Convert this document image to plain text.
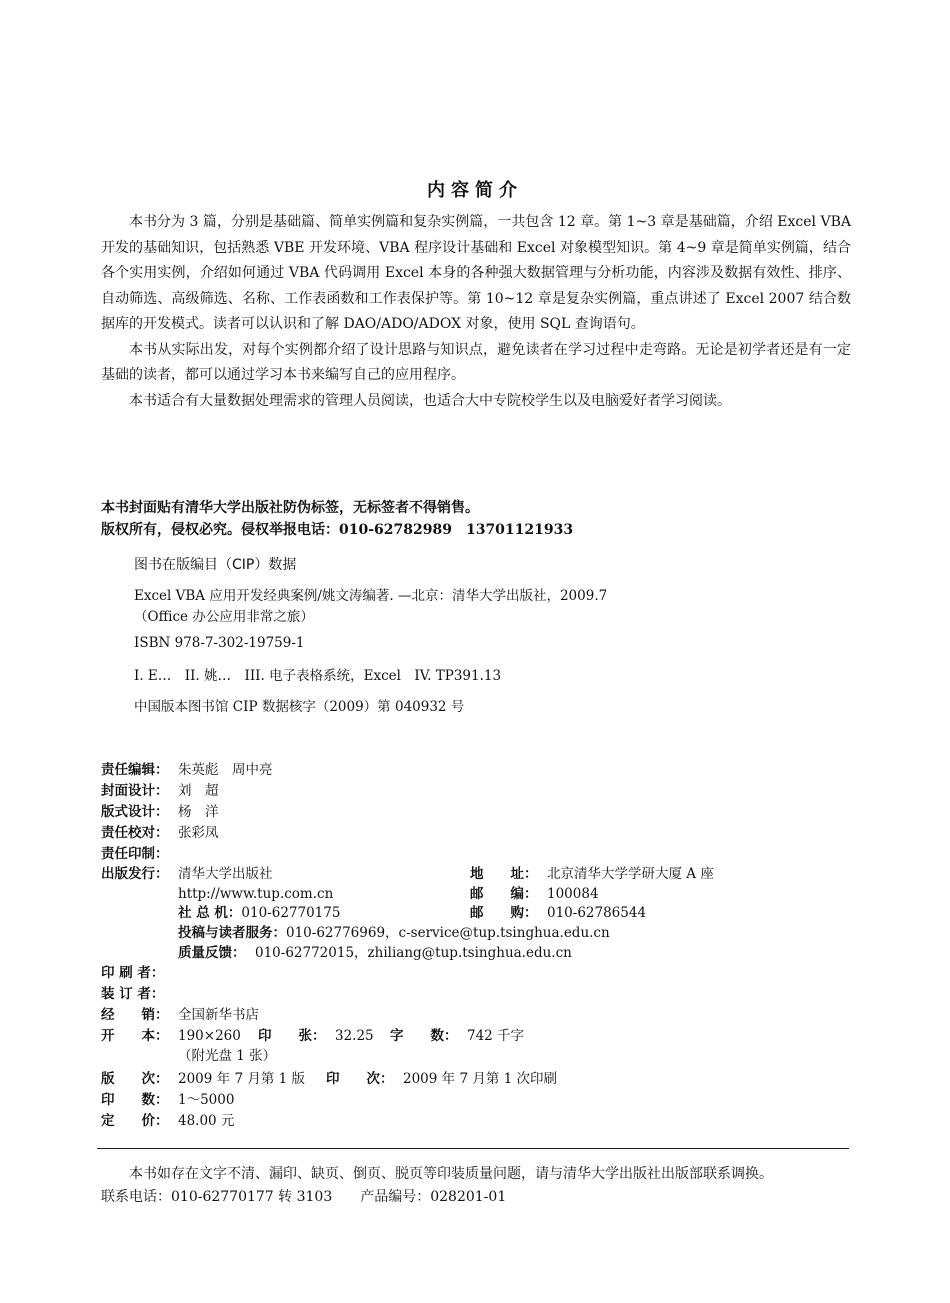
内容简介

本书分为 3 篇，分别是基础篇、简单实例篇和复杂实例篇，一共包含 12 章。第 1~3 章是基础篇，介绍 Excel VBA 开发的基础知识，包括熟悉 VBE 开发环境、VBA 程序设计基础和 Excel 对象模型知识。第 4~9 章是简单实例篇，结合各个实用实例，介绍如何通过 VBA 代码调用 Excel 本身的各种强大数据管理与分析功能，内容涉及数据有效性、排序、自动筛选、高级筛选、名称、工作表函数和工作表保护等。第 10~12 章是复杂实例篇，重点讲述了 Excel 2007 结合数据库的开发模式。读者可以认识和了解 DAO/ADO/ADOX 对象，使用 SQL 查询语句。

本书从实际出发，对每个实例都介绍了设计思路与知识点，避免读者在学习过程中走弯路。无论是初学者还是有一定基础的读者，都可以通过学习本书来编写自己的应用程序。

本书适合有大量数据处理需求的管理人员阅读，也适合大中专院校学生以及电脑爱好者学习阅读。

本书封面贴有清华大学出版社防伪标签，无标签者不得销售。
版权所有，侵权必究。侵权举报电话：010-62782989　13701121933
图书在版编目（CIP）数据
Excel VBA 应用开发经典案例/姚文涛编著. —北京：清华大学出版社，2009.7
（Office 办公应用非常之旅）
ISBN 978-7-302-19759-1
I. E…　II. 姚…　III. 电子表格系统，Excel　IV. TP391.13
中国版本图书馆 CIP 数据核字（2009）第 040932 号
责任编辑： 朱英彪　周中亮
封面设计： 刘　超
版式设计： 杨　洋
责任校对： 张彩凤
责任印制：
出版发行： 清华大学出版社	地　　址： 北京清华大学学研大厦 A 座
http://www.tup.com.cn	邮　　编： 100084
社 总 机：010-62770175	邮　　购： 010-62786544
投稿与读者服务：010-62776969，c-service@tup.tsinghua.edu.cn
质量反馈： 010-62772015，zhiliang@tup.tsinghua.edu.cn
印 刷 者：
装 订 者：
经　　销： 全国新华书店
开　　本： 190×260 印　　张： 32.25 字　　数： 742 千字
（附光盘 1 张）
版　　次： 2009 年 7 月第 1 版 印　　次： 2009 年 7 月第 1 次印刷
印　　数： 1～5000
定　　价： 48.00 元
本书如存在文字不清、漏印、缺页、倒页、脱页等印装质量问题，请与清华大学出版社出版部联系调换。
联系电话：010-62770177 转 3103　　产品编号：028201-01
